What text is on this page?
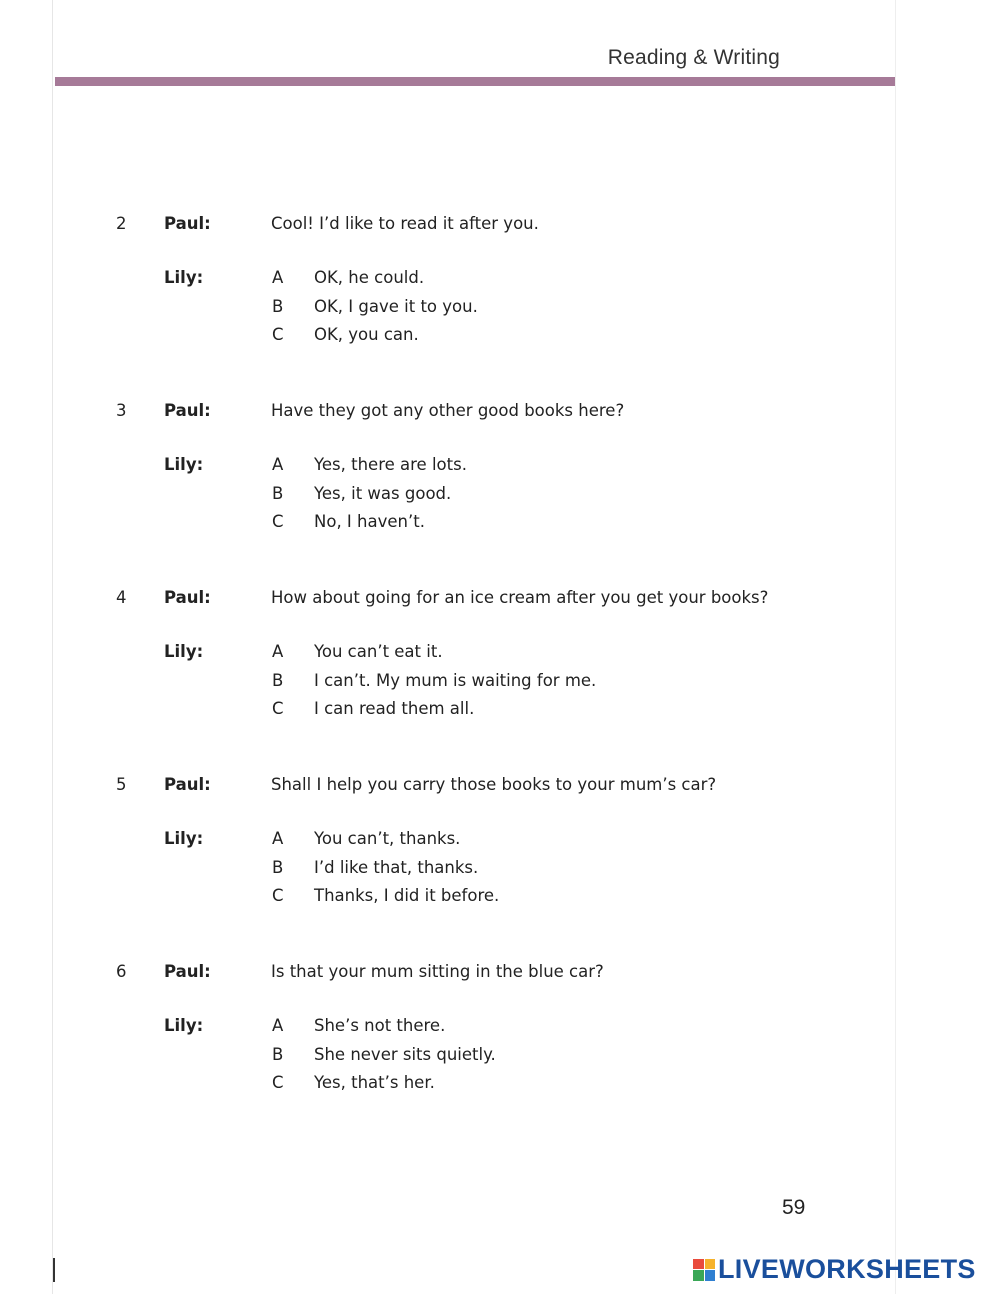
Reading & Writing
2 Paul:	Cool! I’d like to read it after you.
Lily:	A OK, he could.
B OK, I gave it to you.
C OK, you can.
3 Paul:	Have they got any other good books here?
Lily:	A Yes, there are lots.
B Yes, it was good.
C No, I haven’t.
4 Paul:	How about going for an ice cream after you get your books?
Lily:	A You can’t eat it.
B I can’t. My mum is waiting for me.
C I can read them all.
5 Paul:	Shall I help you carry those books to your mum’s car?
Lily:	A You can’t, thanks.
B I’d like that, thanks.
C Thanks, I did it before.
6 Paul:	Is that your mum sitting in the blue car?
Lily:	A She’s not there.
B She never sits quietly.
C Yes, that’s her.
59
LIVEWORKSHEETS
